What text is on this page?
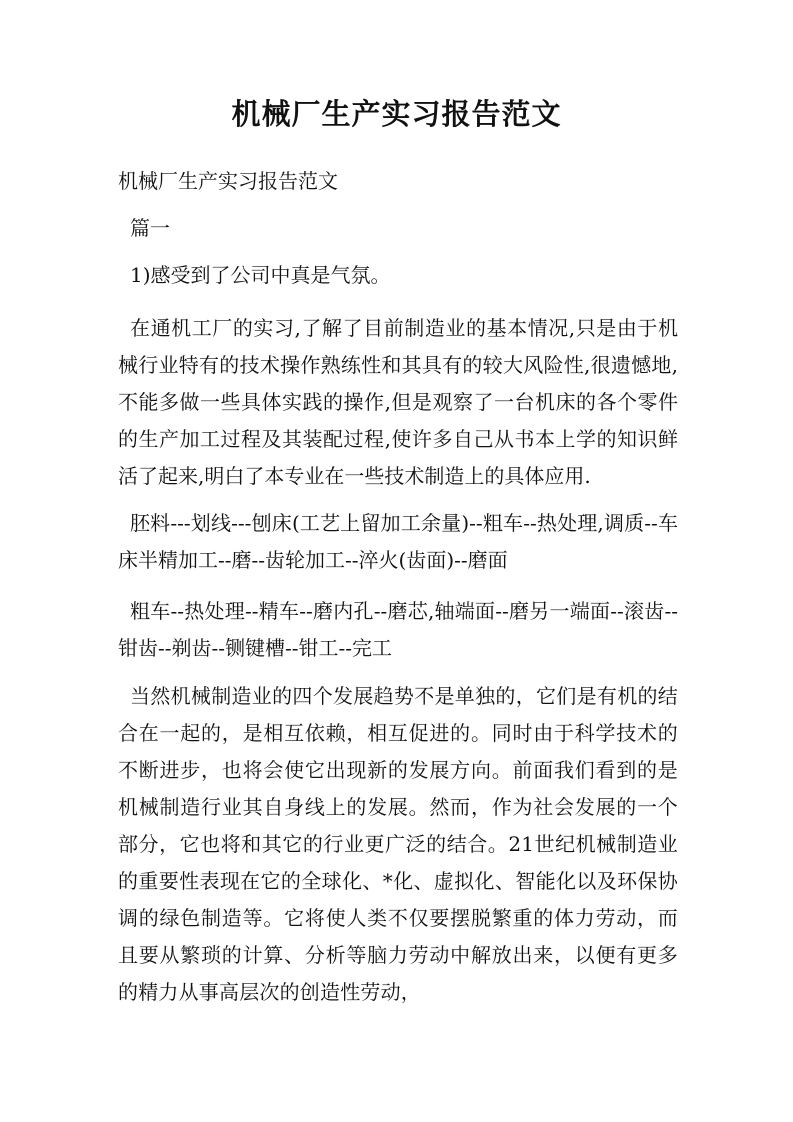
机械厂生产实习报告范文
机械厂生产实习报告范文
篇一

1)感受到了公司中真是气氛。

在通机工厂的实习,了解了目前制造业的基本情况,只是由于机械行业特有的技术操作熟练性和其具有的较大风险性,很遗憾地,不能多做一些具体实践的操作,但是观察了一台机床的各个零件的生产加工过程及其装配过程,使许多自己从书本上学的知识鲜活了起来,明白了本专业在一些技术制造上的具体应用.

胚料---划线---刨床(工艺上留加工余量)--粗车--热处理,调质--车床半精加工--磨--齿轮加工--淬火(齿面)--磨面

粗车--热处理--精车--磨内孔--磨芯,轴端面--磨另一端面--滚齿--钳齿--剃齿--铡键槽--钳工--完工

当然机械制造业的四个发展趋势不是单独的，它们是有机的结合在一起的，是相互依赖，相互促进的。同时由于科学技术的不断进步，也将会使它出现新的发展方向。前面我们看到的是机械制造行业其自身线上的发展。然而，作为社会发展的一个部分，它也将和其它的行业更广泛的结合。21世纪机械制造业的重要性表现在它的全球化、*化、虚拟化、智能化以及环保协调的绿色制造等。它将使人类不仅要摆脱繁重的体力劳动，而且要从繁琐的计算、分析等脑力劳动中解放出来，以便有更多的精力从事高层次的创造性劳动，
